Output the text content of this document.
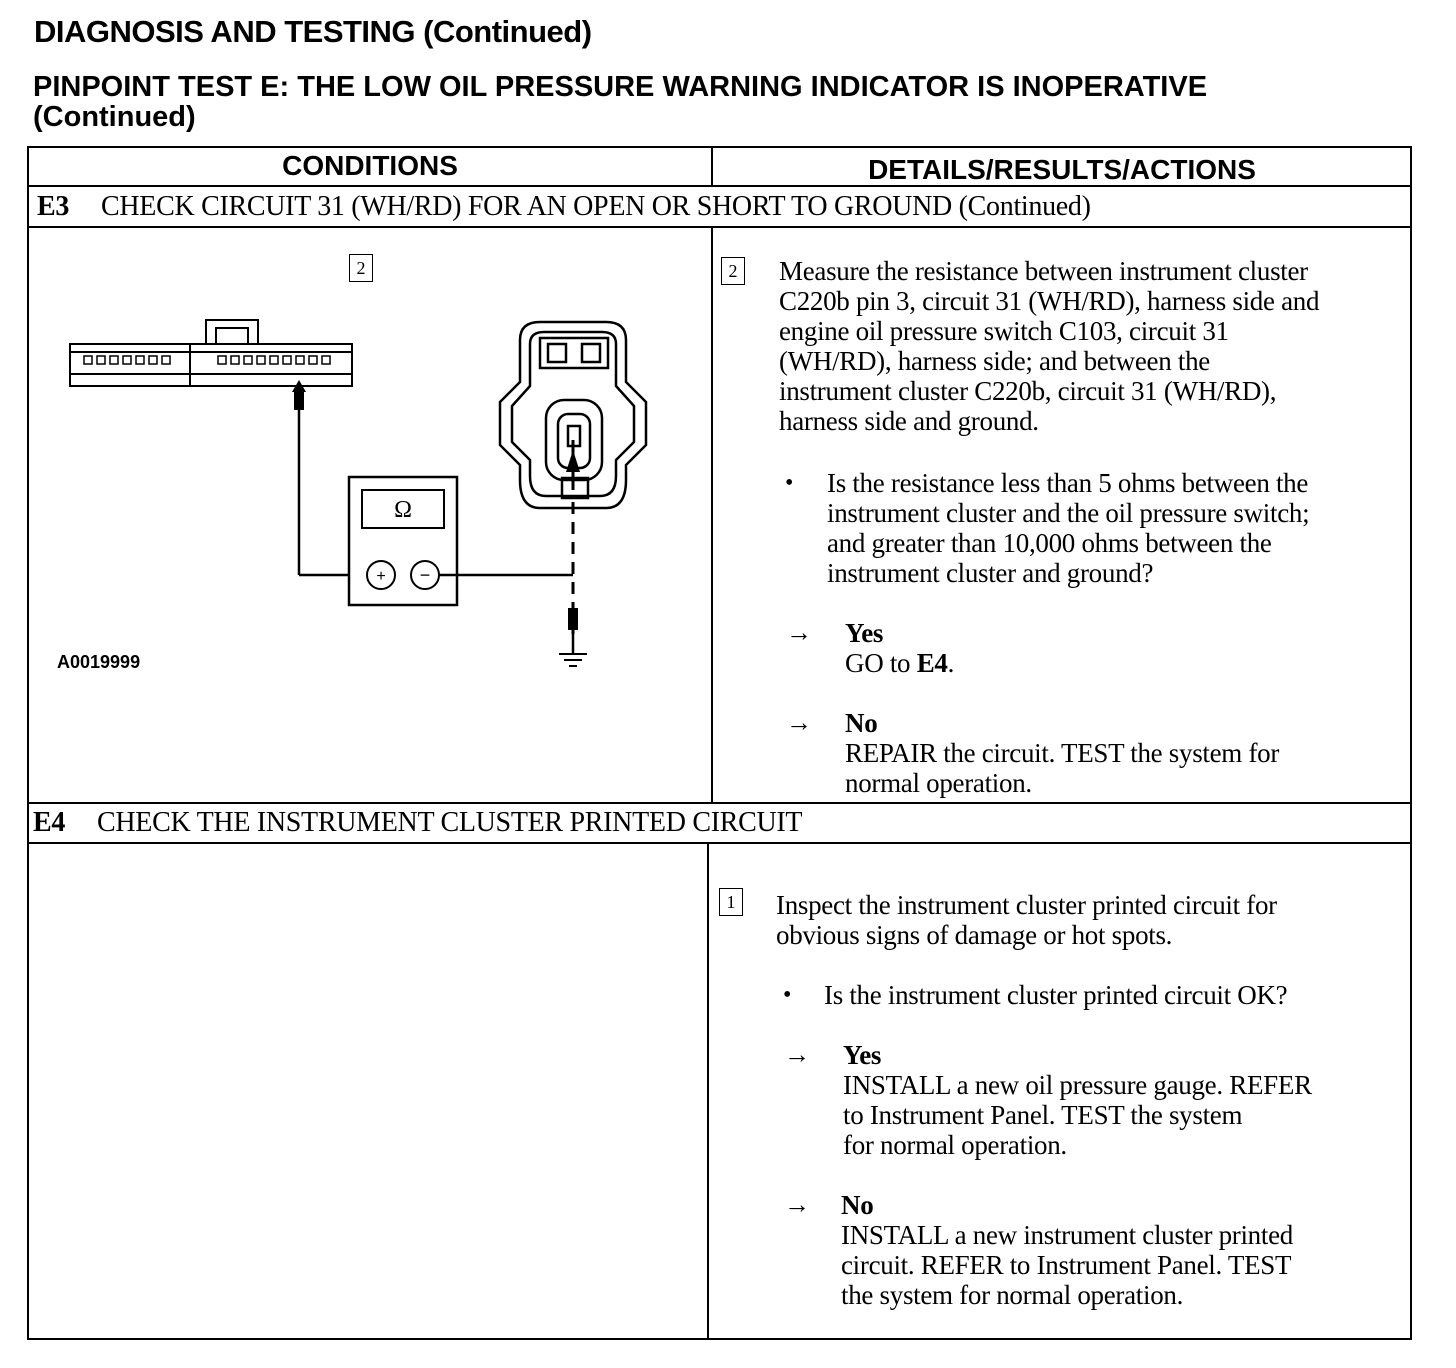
DIAGNOSIS AND TESTING (Continued)
PINPOINT TEST E: THE LOW OIL PRESSURE WARNING INDICATOR IS INOPERATIVE
(Continued)
CONDITIONS	DETAILS/RESULTS/ACTIONS
E3 CHECK CIRCUIT 31 (WH/RD) FOR AN OPEN OR SHORT TO GROUND (Continued)
E4 CHECK THE INSTRUMENT CLUSTER PRINTED CIRCUIT
2
Ω
+ −
A0019999
2 Measure the resistance between instrument cluster
C220b pin 3, circuit 31 (WH/RD), harness side and
engine oil pressure switch C103, circuit 31
(WH/RD), harness side; and between the
instrument cluster C220b, circuit 31 (WH/RD),
harness side and ground.
• Is the resistance less than 5 ohms between the
instrument cluster and the oil pressure switch;
and greater than 10,000 ohms between the
instrument cluster and ground?
→ Yes
GO to E4.
→ No
REPAIR the circuit. TEST the system for
normal operation.
1 Inspect the instrument cluster printed circuit for
obvious signs of damage or hot spots.
• Is the instrument cluster printed circuit OK?
→ Yes
INSTALL a new oil pressure gauge. REFER
to Instrument Panel. TEST the system
for normal operation.
→ No
INSTALL a new instrument cluster printed
circuit. REFER to Instrument Panel. TEST
the system for normal operation.
